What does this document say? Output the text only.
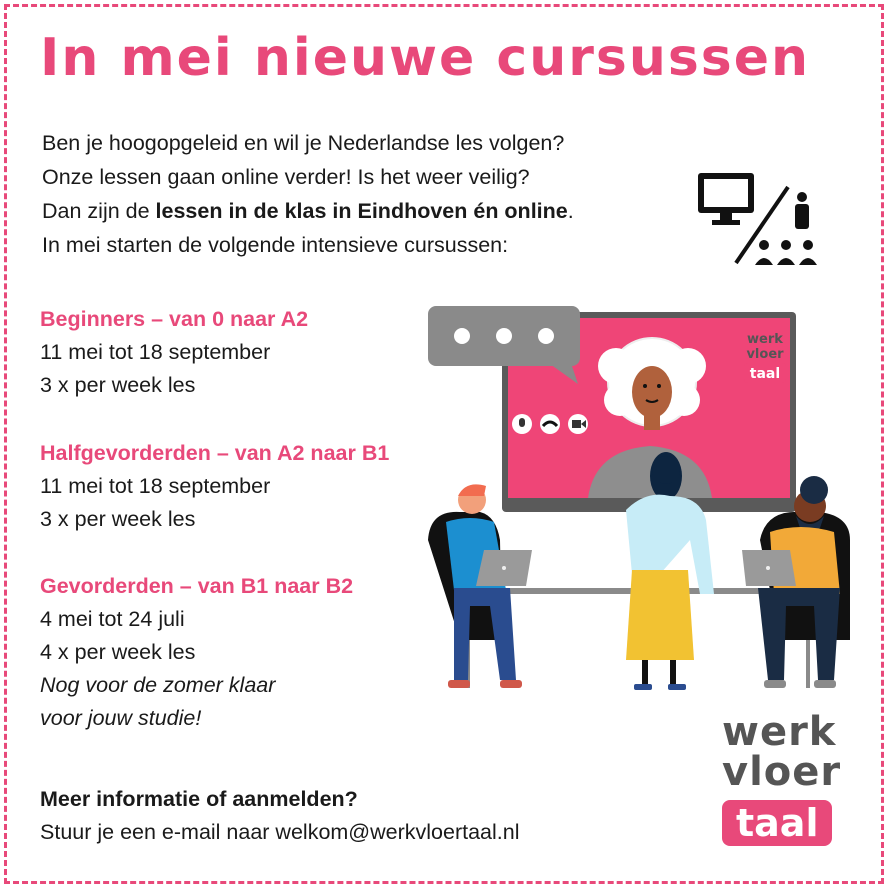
In mei nieuwe cursussen

Ben je hoogopgeleid en wil je Nederlandse les volgen?

Onze lessen gaan online verder! Is het weer veilig?

Dan zijn de lessen in de klas in Eindhoven én online.

In mei starten de volgende intensieve cursussen:

Beginners – van 0 naar A2
11 mei tot 18 september
3 x per week les
Halfgevorderden – van A2 naar B1
11 mei tot 18 september
3 x per week les
Gevorderden – van B1 naar B2
4 mei tot 24 juli
4 x per week les
Nog voor de zomer klaar
voor jouw studie!
werk
vloer
taal
Meer informatie of aanmelden?
Stuur je een e-mail naar welkom@werkvloertaal.nl
werk
vloer
taal
